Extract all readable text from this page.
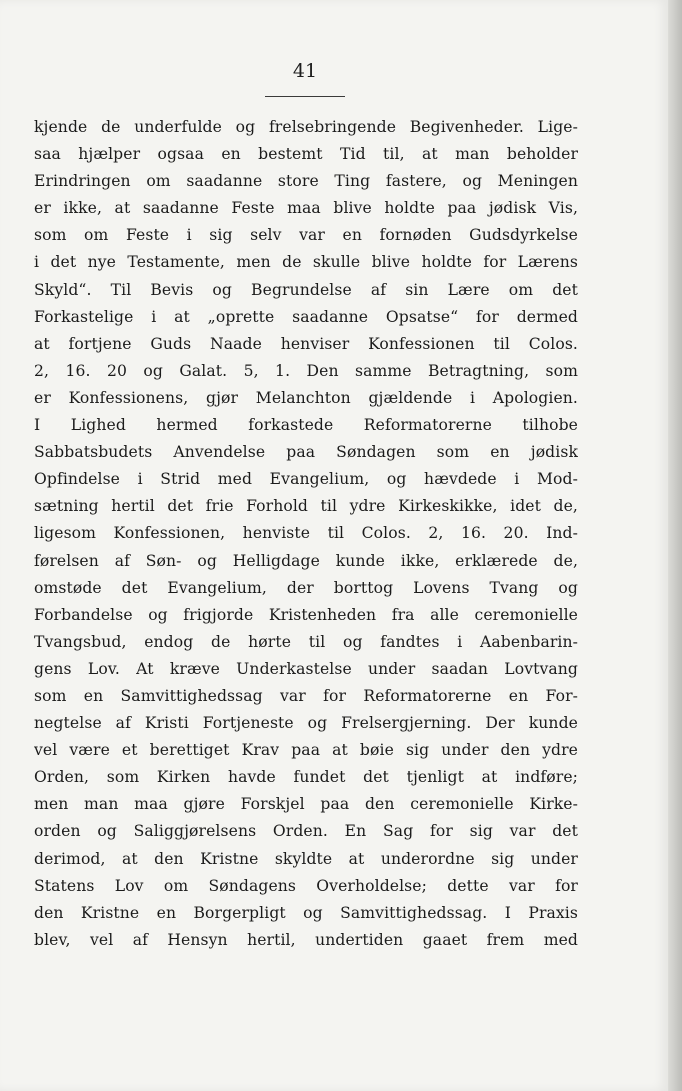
41
kjende de underfulde og frelsebringende Begivenheder. Lige-
saa hjælper ogsaa en bestemt Tid til, at man beholder
Erindringen om saadanne store Ting fastere, og Meningen
er ikke, at saadanne Feste maa blive holdte paa jødisk Vis,
som om Feste i sig selv var en fornøden Gudsdyrkelse
i det nye Testamente, men de skulle blive holdte for Lærens
Skyld“. Til Bevis og Begrundelse af sin Lære om det
Forkastelige i at „oprette saadanne Opsatse“ for dermed
at fortjene Guds Naade henviser Konfessionen til Colos.
2, 16. 20 og Galat. 5, 1. Den samme Betragtning, som
er Konfessionens, gjør Melanchton gjældende i Apologien.
I Lighed hermed forkastede Reformatorerne tilhobe
Sabbatsbudets Anvendelse paa Søndagen som en jødisk
Opfindelse i Strid med Evangelium, og hævdede i Mod-
sætning hertil det frie Forhold til ydre Kirkeskikke, idet de,
ligesom Konfessionen, henviste til Colos. 2, 16. 20. Ind-
førelsen af Søn- og Helligdage kunde ikke, erklærede de,
omstøde det Evangelium, der borttog Lovens Tvang og
Forbandelse og frigjorde Kristenheden fra alle ceremonielle
Tvangsbud, endog de hørte til og fandtes i Aabenbarin-
gens Lov. At kræve Underkastelse under saadan Lovtvang
som en Samvittighedssag var for Reformatorerne en For-
negtelse af Kristi Fortjeneste og Frelsergjerning. Der kunde
vel være et berettiget Krav paa at bøie sig under den ydre
Orden, som Kirken havde fundet det tjenligt at indføre;
men man maa gjøre Forskjel paa den ceremonielle Kirke-
orden og Saliggjørelsens Orden. En Sag for sig var det
derimod, at den Kristne skyldte at underordne sig under
Statens Lov om Søndagens Overholdelse; dette var for
den Kristne en Borgerpligt og Samvittighedssag. I Praxis
blev, vel af Hensyn hertil, undertiden gaaet frem med
